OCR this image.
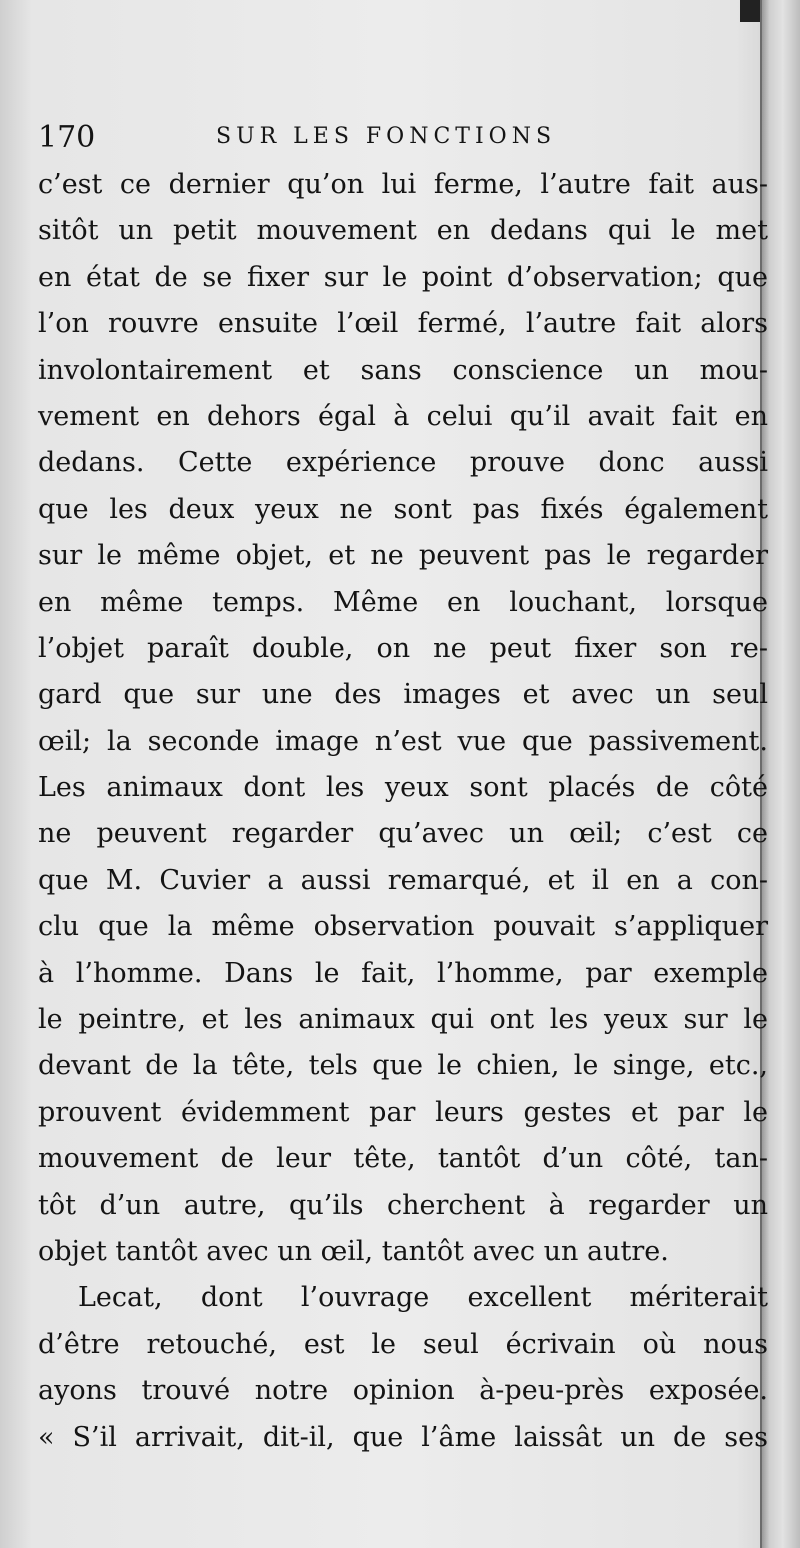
170	SUR LES FONCTIONS
c’est ce dernier qu’on lui ferme, l’autre fait aus-
sitôt un petit mouvement en dedans qui le met
en état de se fixer sur le point d’observation; que
l’on rouvre ensuite l’œil fermé, l’autre fait alors
involontairement et sans conscience un mou-
vement en dehors égal à celui qu’il avait fait en
dedans. Cette expérience prouve donc aussi
que les deux yeux ne sont pas fixés également
sur le même objet, et ne peuvent pas le regarder
en même temps. Même en louchant, lorsque
l’objet paraît double, on ne peut fixer son re-
gard que sur une des images et avec un seul
œil; la seconde image n’est vue que passivement.
Les animaux dont les yeux sont placés de côté
ne peuvent regarder qu’avec un œil; c’est ce
que M. Cuvier a aussi remarqué, et il en a con-
clu que la même observation pouvait s’appliquer
à l’homme. Dans le fait, l’homme, par exemple
le peintre, et les animaux qui ont les yeux sur le
devant de la tête, tels que le chien, le singe, etc.,
prouvent évidemment par leurs gestes et par le
mouvement de leur tête, tantôt d’un côté, tan-
tôt d’un autre, qu’ils cherchent à regarder un
objet tantôt avec un œil, tantôt avec un autre.
Lecat, dont l’ouvrage excellent mériterait
d’être retouché, est le seul écrivain où nous
ayons trouvé notre opinion à-peu-près exposée.
« S’il arrivait, dit-il, que l’âme laissât un de ses
